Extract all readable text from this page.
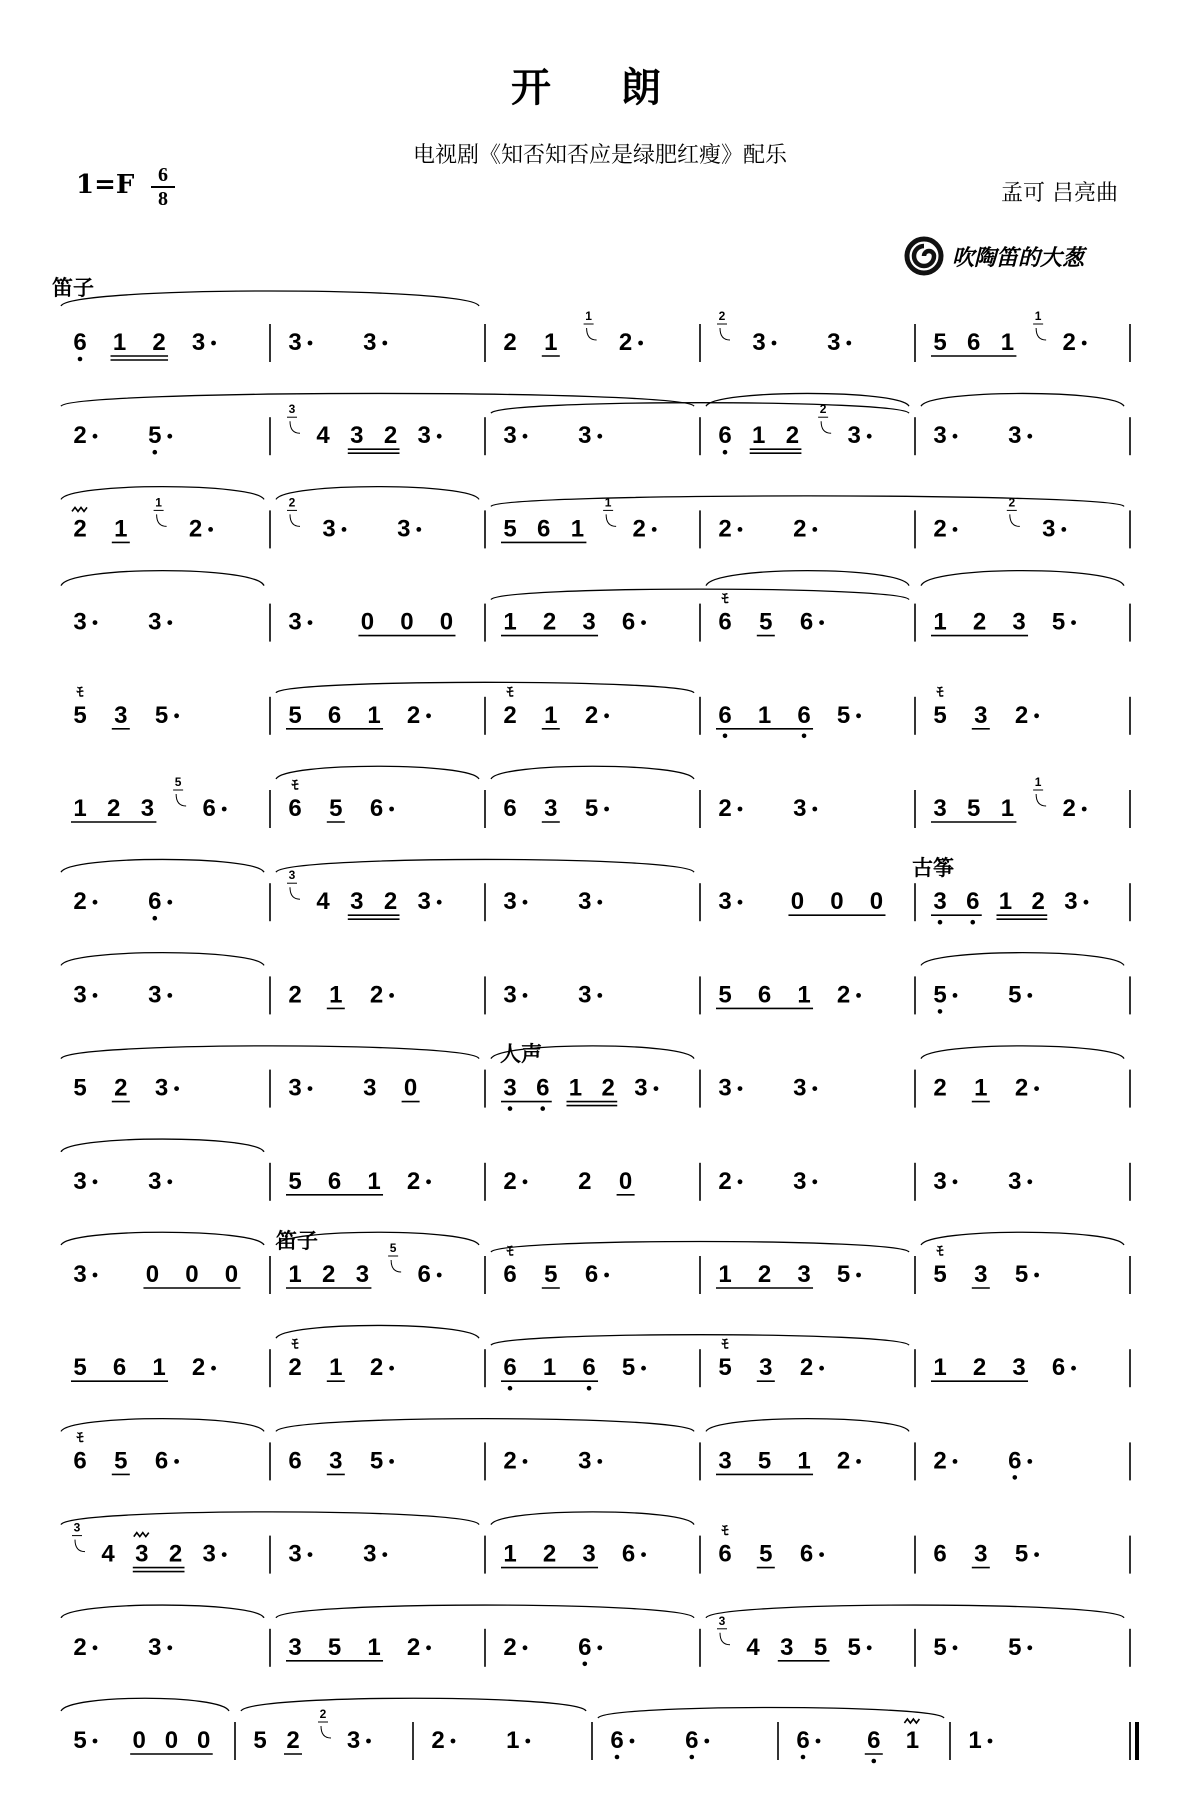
开 朗
电视剧《知否知否应是绿肥红瘦》配乐
1=F	6
8	孟可 吕亮曲
吹陶笛的大葱
笛子
古筝
人声
笛子
6 1 2 3	3	3	2 1
1
2
2
3	3	5 6 1
1
2
2	5
3
4 3 2 3	3	3	6 1 2
2
3	3	3
2 1
1
2
2
3	3	5 6 1
1
2	2	2	2
2
3
3	3	3 0 0 0 1 2 3 6	6
ﾓ
5 6	1 2 3 5
5
ﾓ
3 5	5 6 1 2	2
ﾓ
1 2	6 1 6 5	5
ﾓ
3 2
1 2 3
5
6	6
ﾓ
5 6	6 3 5	2	3	3 5 1
1
2
2	6
3
4 3 2 3	3	3	3 0 0 0 3 6 1 2 3
3	3	2 1 2	3	3	5 6 1 2	5	5
5 2 3	3	3 0	3 6 1 2 3	3	3	2 1 2
3	3	5 6 1 2	2	2 0	2	3	3	3
3 0 0 0 1 2 3
5
6	6
ﾓ
5 6	1 2 3 5	5
ﾓ
3 5
5 6 1 2	2
ﾓ
1 2	6 1 6 5	5
ﾓ
3 2	1 2 3 6
6
ﾓ
5 6	6 3 5	2	3	3 5 1 2	2	6
3
4 3 2 3	3	3	1 2 3 6	6
ﾓ
5 6	6 3 5
2	3	3 5 1 2	2	6
3
4 3 5 5	5	5
5 0 0 0 5 2
2
3	2	1	6	6	6 6 1 1
